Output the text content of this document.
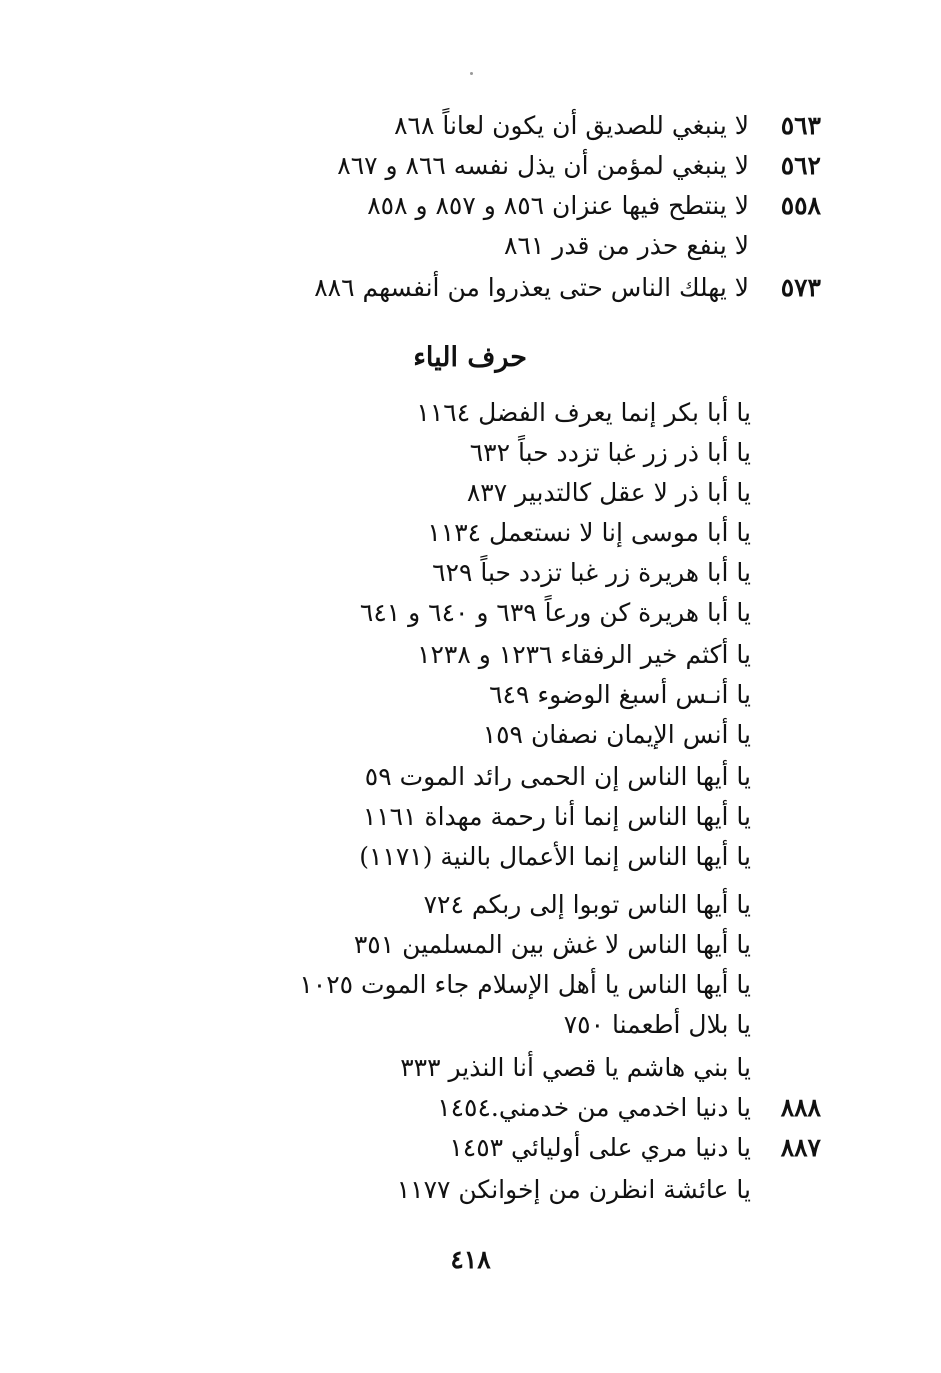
٥٦٣
لا ينبغي للصديق أن يكون لعاناً ٨٦٨
٥٦٢
لا ينبغي لمؤمن أن يذل نفسه ٨٦٦ و ٨٦٧
٥٥٨
لا ينتطح فيها عنزان ٨٥٦ و ٨٥٧ و ٨٥٨
لا ينفع حذر من قدر ٨٦١
٥٧٣
لا يهلك الناس حتى يعذروا من أنفسهم ٨٨٦
حرف الياء
يا أبا بكر إنما يعرف الفضل ١١٦٤
يا أبا ذر زر غبا تزدد حباً ٦٣٢
يا أبا ذر لا عقل كالتدبير ٨٣٧
يا أبا موسى إنا لا نستعمل ١١٣٤
يا أبا هريرة زر غبا تزدد حباً ٦٢٩
يا أبا هريرة كن ورعاً ٦٣٩ و ٦٤٠ و ٦٤١
يا أكثم خير الرفقاء ١٢٣٦ و ١٢٣٨
يا أنـس أسبغ الوضوء ٦٤٩
يا أنس الإيمان نصفان ١٥٩
يا أيها الناس إن الحمى رائد الموت ٥٩
يا أيها الناس إنما أنا رحمة مهداة ١١٦١
يا أيها الناس إنما الأعمال بالنية (١١٧١)
يا أيها الناس توبوا إلى ربكم ٧٢٤
يا أيها الناس لا غش بين المسلمين ٣٥١
يا أيها الناس يا أهل الإسلام جاء الموت ١٠٢٥
يا بلال أطعمنا ٧٥٠
يا بني هاشم يا قصي أنا النذير ٣٣٣
٨٨٨
يا دنيا اخدمي من خدمني.١٤٥٤
٨٨٧
يا دنيا مري على أوليائي ١٤٥٣
يا عائشة انظرن من إخوانكن ١١٧٧
٤١٨
